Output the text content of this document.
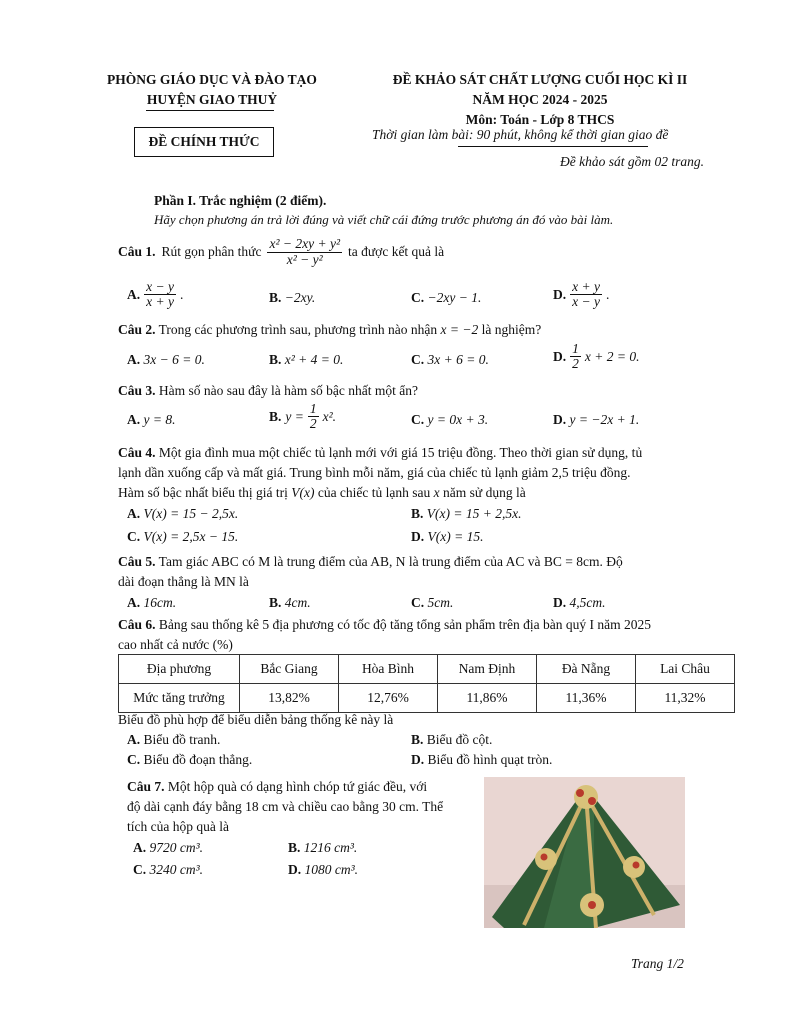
PHÒNG GIÁO DỤC VÀ ĐÀO TẠO
HUYỆN GIAO THUỶ
ĐỀ CHÍNH THỨC
ĐỀ KHẢO SÁT CHẤT LƯỢNG CUỐI HỌC KÌ II
NĂM HỌC 2024 - 2025
Môn: Toán - Lớp 8 THCS
Thời gian làm bài: 90 phút, không kể thời gian giao đề
Đề khảo sát gồm 02 trang.
Phần I. Trắc nghiệm (2 điểm).
Hãy chọn phương án trả lời đúng và viết chữ cái đứng trước phương án đó vào bài làm.
Câu 1. Rút gọn phân thức $\frac{\text{x² − 2xy + y²}}{\text{x² − y²}}$ ta được kết quả là
A. $\frac{x - y}{x + y}$ .	B. −2xy.	C. −2xy − 1.	D. $\frac{x + y}{x - y}$ .
Câu 2. Trong các phương trình sau, phương trình nào nhận x = −2 là nghiệm?
A. 3x − 6 = 0.	B. x² + 4 = 0.	C. 3x + 6 = 0.	D. $\frac{1}{2}$ x + 2 = 0.
Câu 3. Hàm số nào sau đây là hàm số bậc nhất một ẩn?
A. y = 8.	B. $y = \frac{1}{2} x^2$.	C. y = 0x + 3.	D. y = −2x + 1.
Câu 4. Một gia đình mua một chiếc tủ lạnh mới với giá 15 triệu đồng. Theo thời gian sử dụng, tủ
lạnh dần xuống cấp và mất giá. Trung bình mỗi năm, giá của chiếc tủ lạnh giảm 2,5 triệu đồng.
Hàm số bậc nhất biểu thị giá trị V(x) của chiếc tủ lạnh sau x năm sử dụng là
A. V(x) = 15 − 2,5x.	B. V(x) = 15 + 2,5x.
C. V(x) = 2,5x − 15.	D. V(x) = 15.
Câu 5. Tam giác ABC có M là trung điểm của AB, N là trung điểm của AC và BC = 8cm. Độ
dài đoạn thẳng là MN là
A. 16cm.	B. 4cm.	C. 5cm.	D. 4,5cm.
Câu 6. Bảng sau thống kê 5 địa phương có tốc độ tăng tổng sản phẩm trên địa bàn quý I năm 2025
cao nhất cả nước (%)
Địa phương	Bắc Giang	Hòa Bình	Nam Định	Đà Nẵng	Lai Châu
Mức tăng trưởng	13,82%	12,76%	11,86%	11,36%	11,32%
Biểu đồ phù hợp để biểu diễn bảng thống kê này là
A. Biểu đồ tranh.	B. Biểu đồ cột.
C. Biểu đồ đoạn thẳng.	D. Biểu đồ hình quạt tròn.
Câu 7. Một hộp quà có dạng hình chóp tứ giác đều, với
độ dài cạnh đáy bằng 18 cm và chiều cao bằng 30 cm. Thể
tích của hộp quà là
A. 9720 cm³.	B. 1216 cm³.
C. 3240 cm³.	D. 1080 cm³.
Trang 1/2
